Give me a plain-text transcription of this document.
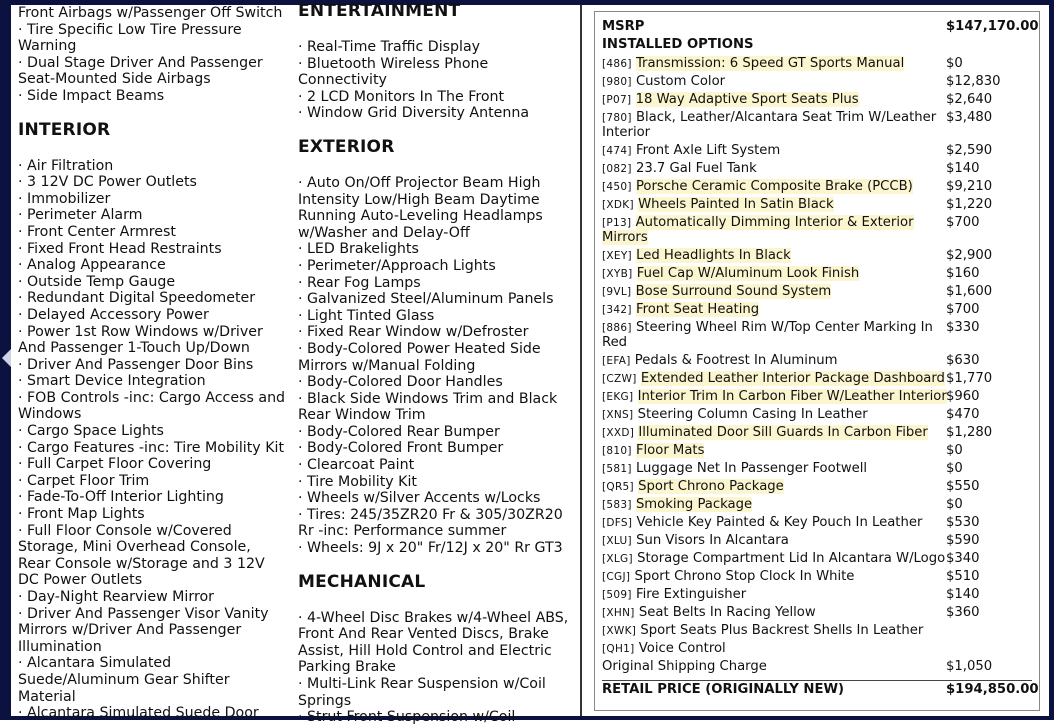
Front Airbags w/Passenger Off Switch
· Tire Specific Low Tire Pressure
Warning
· Dual Stage Driver And Passenger
Seat-Mounted Side Airbags
· Side Impact Beams
INTERIOR
· Air Filtration
· 3 12V DC Power Outlets
· Immobilizer
· Perimeter Alarm
· Front Center Armrest
· Fixed Front Head Restraints
· Analog Appearance
· Outside Temp Gauge
· Redundant Digital Speedometer
· Delayed Accessory Power
· Power 1st Row Windows w/Driver
And Passenger 1-Touch Up/Down
· Driver And Passenger Door Bins
· Smart Device Integration
· FOB Controls -inc: Cargo Access and
Windows
· Cargo Space Lights
· Cargo Features -inc: Tire Mobility Kit
· Full Carpet Floor Covering
· Carpet Floor Trim
· Fade-To-Off Interior Lighting
· Front Map Lights
· Full Floor Console w/Covered
Storage, Mini Overhead Console,
Rear Console w/Storage and 3 12V
DC Power Outlets
· Day-Night Rearview Mirror
· Driver And Passenger Visor Vanity
Mirrors w/Driver And Passenger
Illumination
· Alcantara Simulated
Suede/Aluminum Gear Shifter
Material
· Alcantara Simulated Suede Door
ENTERTAINMENT
· Real-Time Traffic Display
· Bluetooth Wireless Phone
Connectivity
· 2 LCD Monitors In The Front
· Window Grid Diversity Antenna
EXTERIOR
· Auto On/Off Projector Beam High
Intensity Low/High Beam Daytime
Running Auto-Leveling Headlamps
w/Washer and Delay-Off
· LED Brakelights
· Perimeter/Approach Lights
· Rear Fog Lamps
· Galvanized Steel/Aluminum Panels
· Light Tinted Glass
· Fixed Rear Window w/Defroster
· Body-Colored Power Heated Side
Mirrors w/Manual Folding
· Body-Colored Door Handles
· Black Side Windows Trim and Black
Rear Window Trim
· Body-Colored Rear Bumper
· Body-Colored Front Bumper
· Clearcoat Paint
· Tire Mobility Kit
· Wheels w/Silver Accents w/Locks
· Tires: 245/35ZR20 Fr & 305/30ZR20
Rr -inc: Performance summer
· Wheels: 9J x 20" Fr/12J x 20" Rr GT3
MECHANICAL
· 4-Wheel Disc Brakes w/4-Wheel ABS,
Front And Rear Vented Discs, Brake
Assist, Hill Hold Control and Electric
Parking Brake
· Multi-Link Rear Suspension w/Coil
Springs
· Strut Front Suspension w/Coil
MSRP	$147,170.00
INSTALLED OPTIONS
[486] Transmission: 6 Speed GT Sports Manual	$0
[980] Custom Color	$12,830
[P07] 18 Way Adaptive Sport Seats Plus	$2,640
[780] Black, Leather/Alcantara Seat Trim W/Leather
Interior
$3,480
[474] Front Axle Lift System	$2,590
[082] 23.7 Gal Fuel Tank	$140
[450] Porsche Ceramic Composite Brake (PCCB)	$9,210
[XDK] Wheels Painted In Satin Black	$1,220
[P13] Automatically Dimming Interior & Exterior
Mirrors
$700
[XEY] Led Headlights In Black	$2,900
[XYB] Fuel Cap W/Aluminum Look Finish	$160
[9VL] Bose Surround Sound System	$1,600
[342] Front Seat Heating	$700
[886] Steering Wheel Rim W/Top Center Marking In
Red
$330
[EFA] Pedals & Footrest In Aluminum	$630
[CZW] Extended Leather Interior Package Dashboard $1,770
[EKG] Interior Trim In Carbon Fiber W/Leather Interior $960
[XNS] Steering Column Casing In Leather	$470
[XXD] Illuminated Door Sill Guards In Carbon Fiber $1,280
[810] Floor Mats	$0
[581] Luggage Net In Passenger Footwell	$0
[QR5] Sport Chrono Package	$550
[583] Smoking Package	$0
[DFS] Vehicle Key Painted & Key Pouch In Leather $530
[XLU] Sun Visors In Alcantara	$590
[XLG] Storage Compartment Lid In Alcantara W/Logo $340
[CGJ] Sport Chrono Stop Clock In White	$510
[509] Fire Extinguisher	$140
[XHN] Seat Belts In Racing Yellow	$360
[XWK] Sport Seats Plus Backrest Shells In Leather
[QH1] Voice Control
Original Shipping Charge	$1,050
RETAIL PRICE (ORIGINALLY NEW)	$194,850.00
